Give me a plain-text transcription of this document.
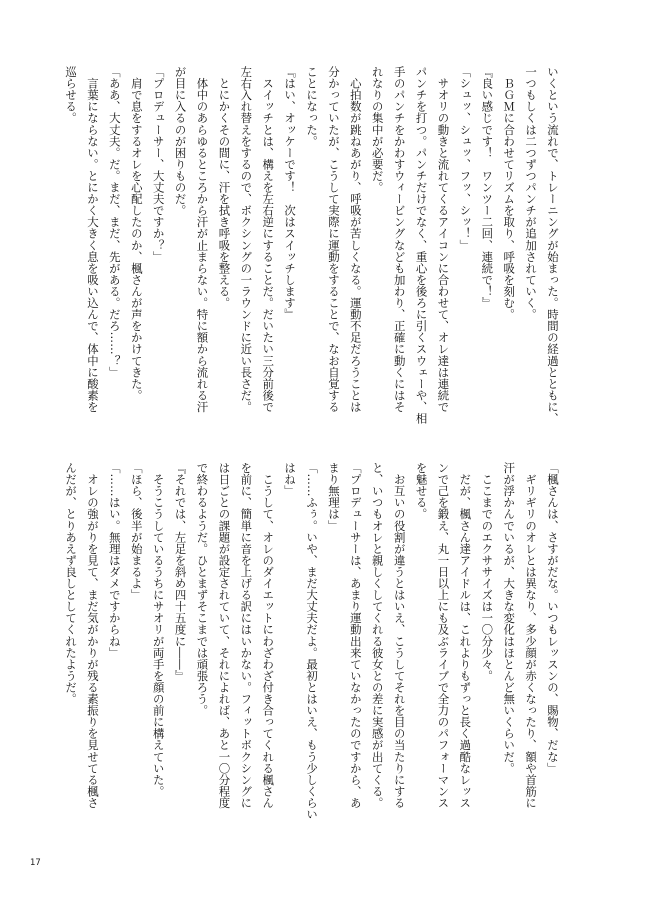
いくという流れで、トレーニングが始まった。時間の経過とともに、
一つもしくは二つずつパンチが追加されていく。
　ＢＧＭに合わせてリズムを取り、呼吸を刻む。
『良い感じです！　ワンツー二回、連続で！』
「シュッ、シュッ、フッ、シッ！」
　サオリの動きと流れてくるアイコンに合わせて、オレ達は連続で
パンチを打つ。パンチだけでなく、重心を後ろに引くスウェーや、相
手のパンチをかわすウィービングなども加わり、正確に動くにはそ
れなりの集中が必要だ。
　心拍数が跳ねあがり、呼吸が苦しくなる。運動不足だろうことは
分かっていたが、こうして実際に運動をすることで、なお自覚する
ことになった。
『はい、オッケーです！　次はスイッチします』
　スイッチとは、構えを左右逆にすることだ。だいたい三分前後で
左右入れ替えをするので、ボクシングの一ラウンドに近い長さだ。
　とにかくその間に、汗を拭き呼吸を整える。
　体中のあらゆるところから汗が止まらない。特に額から流れる汗
が目に入るのが困りものだ。
「プロデューサー、大丈夫ですか？」
　肩で息をするオレを心配したのか、楓さんが声をかけてきた。
「ああ、大丈夫。だ。まだ、まだ、先がある。だろ……？」
　言葉にならない。とにかく大きく息を吸い込んで、体中に酸素を
巡らせる。
「楓さんは、さすがだな。いつもレッスンの、賜物、だな」
　ギリギリのオレとは異なり、多少顔が赤くなったり、額や首筋に
汗が浮かんでいるが、大きな変化はほとんど無いくらいだ。
　ここまでのエクササイズは一〇分少々。
　だが、楓さん達アイドルは、これよりもずっと長く過酷なレッス
ンで己を鍛え、丸一日以上にも及ぶライブで全力のパフォーマンス
を魅せる。
　お互いの役割が違うとはいえ、こうしてそれを目の当たりにする
と、いつもオレと親しくしてくれる彼女との差に実感が出てくる。
「プロデューサーは、あまり運動出来ていなかったのですから、あ
まり無理は」
「……ふぅ。いや、まだ大丈夫だよ。最初とはいえ、もう少しくらい
はね」
　こうして、オレのダイエットにわざわざ付き合ってくれる楓さん
を前に、簡単に音を上げる訳にはいかない。フィットボクシングに
は日ごとの課題が設定されていて、それによれば、あと一〇分程度
で終わるようだ。ひとまずそこまでは頑張ろう。
『それでは、左足を斜め四十五度に――』
　そうこうしているうちにサオリが両手を顔の前に構えていた。
「ほら、後半が始まるよ」
「……はい。無理はダメですからね」
　オレの強がりを見て、まだ気がかりが残る素振りを見せてる楓さ
んだが、とりあえず良しとしてくれたようだ。
17
